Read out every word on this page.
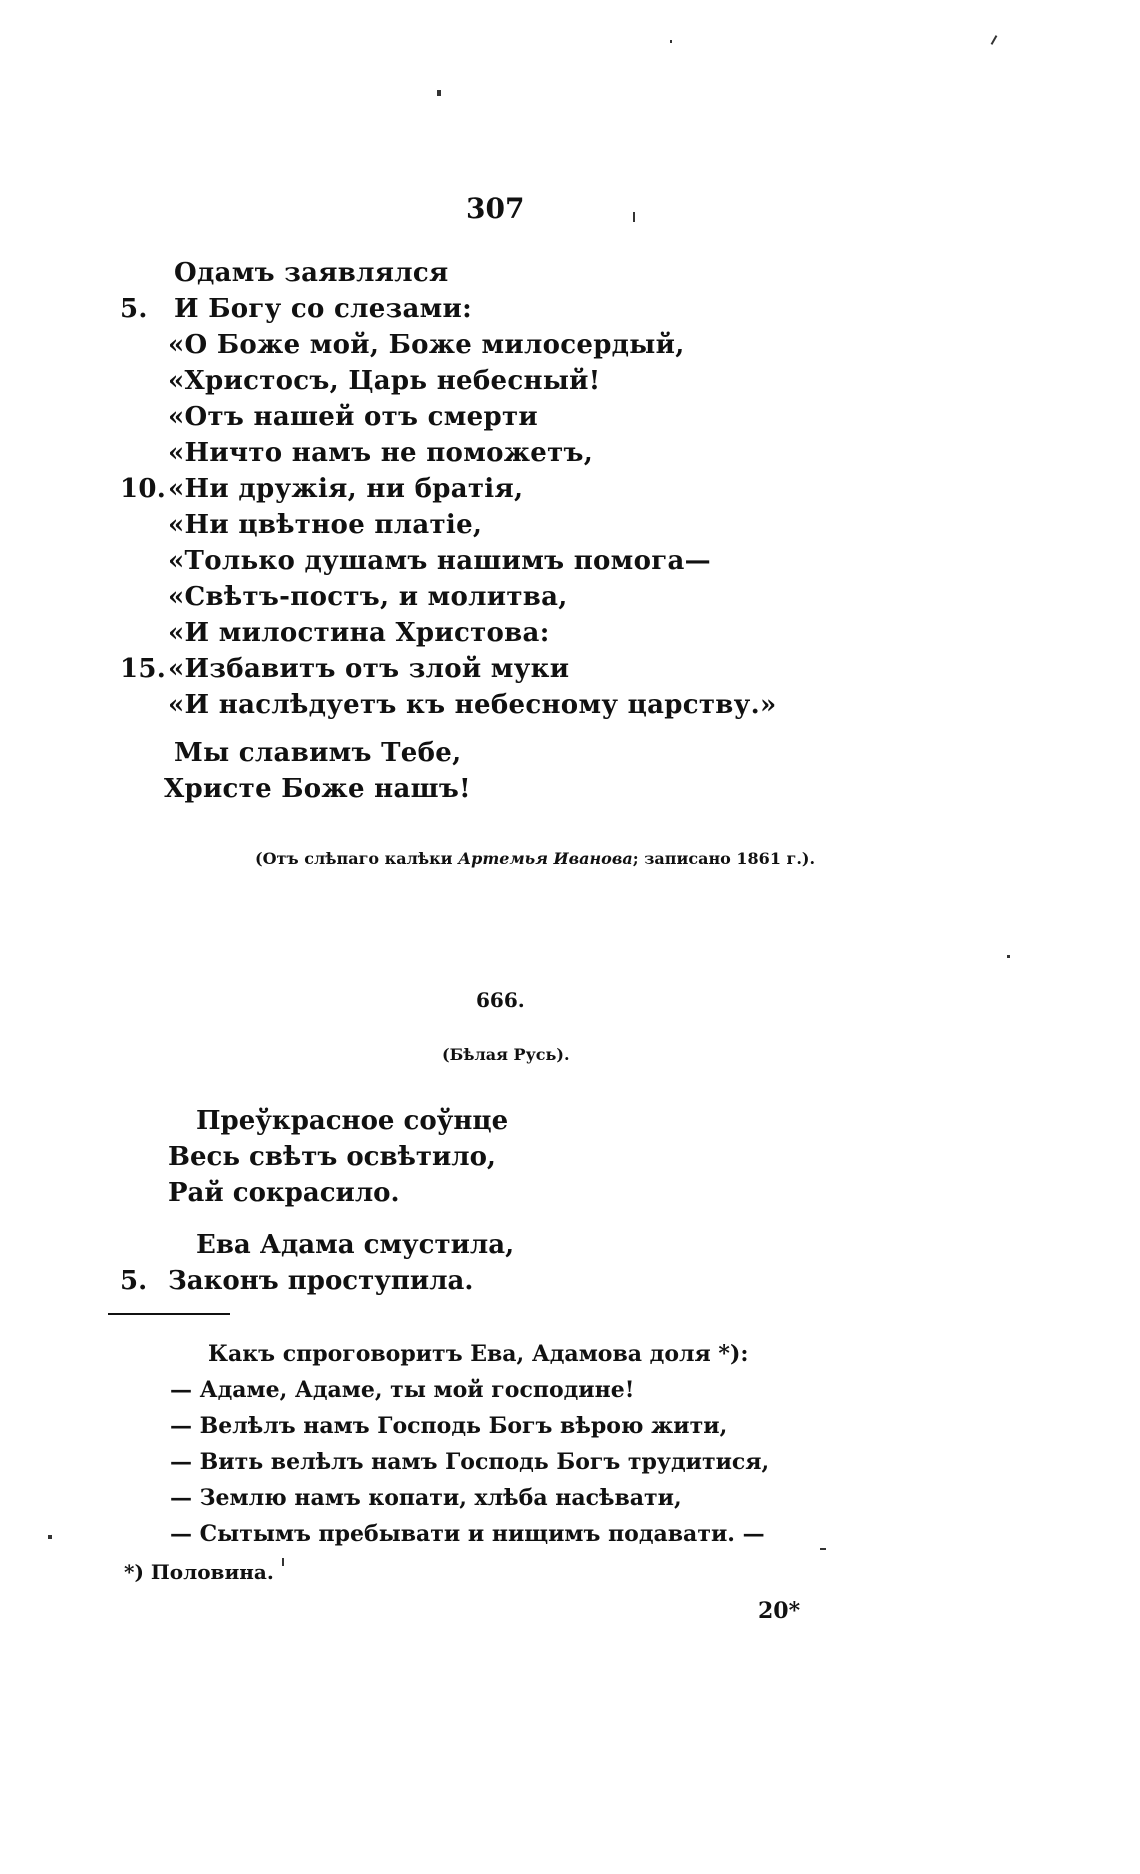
307
Одамъ заявлялся
5.	И Богу со слезами:
«О Боже мой, Боже милосердый,
«Христосъ, Царь небесный!
«Отъ нашей отъ смерти
«Ничто намъ не поможетъ,
10. «Ни дружія, ни братія,
«Ни цвѣтное платіе,
«Только душамъ нашимъ помога—
«Свѣтъ-постъ, и молитва,
«И милостина Христова:
15. «Избавитъ отъ злой муки
«И наслѣдуетъ къ небесному царству.»
Мы славимъ Тебе,
Христе Боже нашъ!
(Отъ слѣпаго калѣки Артемья Иванова; записано 1861 г.).
666.
(Бѣлая Русь).
Преўкрасное соўнце
Весь свѣтъ освѣтило,
Рай сокрасило.
Ева Адама смустила,
5. Законъ проступила.
Какъ спроговоритъ Ева, Адамова доля *):
— Адаме, Адаме, ты мой господине!
— Велѣлъ намъ Господь Богъ вѣрою жити,
— Вить велѣлъ намъ Господь Богъ трудитися,
— Землю намъ копати, хлѣба насѣвати,
— Сытымъ пребывати и нищимъ подавати. —
*) Половина.
20*
